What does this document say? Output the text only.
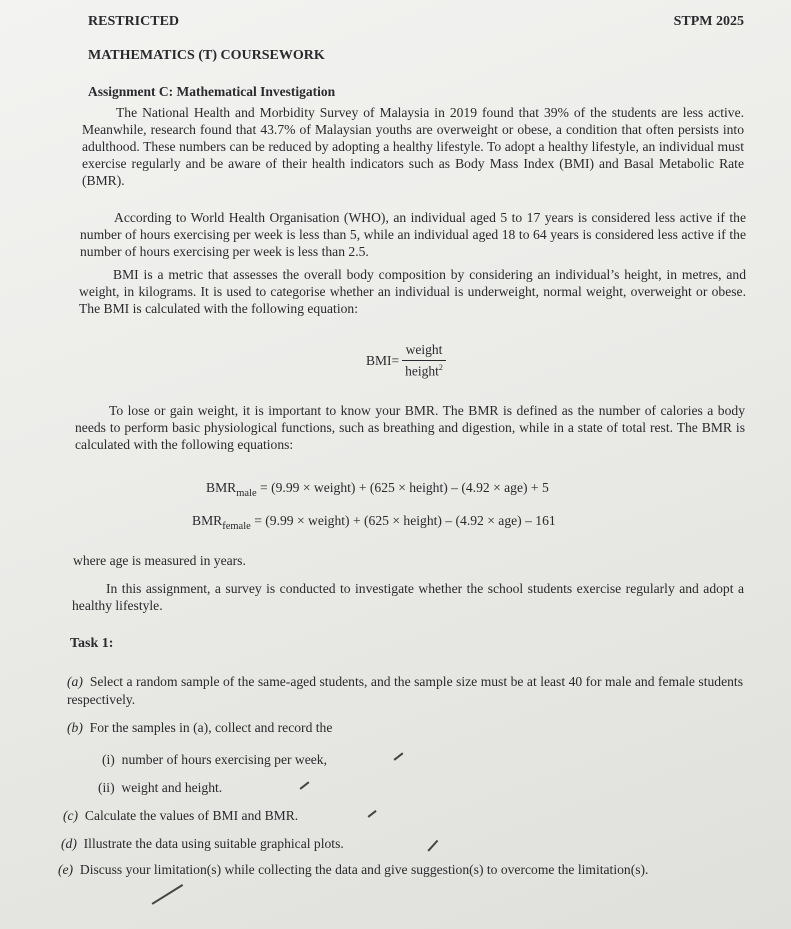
RESTRICTED	STPM 2025
MATHEMATICS (T) COURSEWORK
Assignment C: Mathematical Investigation

The National Health and Morbidity Survey of Malaysia in 2019 found that 39% of the students are less active. Meanwhile, research found that 43.7% of Malaysian youths are overweight or obese, a condition that often persists into adulthood. These numbers can be reduced by adopting a healthy lifestyle. To adopt a healthy lifestyle, an individual must exercise regularly and be aware of their health indicators such as Body Mass Index (BMI) and Basal Metabolic Rate (BMR).

According to World Health Organisation (WHO), an individual aged 5 to 17 years is considered less active if the number of hours exercising per week is less than 5, while an individual aged 18 to 64 years is considered less active if the number of hours exercising per week is less than 2.5.

BMI is a metric that assesses the overall body composition by considering an individual’s height, in metres, and weight, in kilograms. It is used to categorise whether an individual is underweight, normal weight, overweight or obese. The BMI is calculated with the following equation:

$BMI= \frac{\text{weight}}{height^2}$

To lose or gain weight, it is important to know your BMR. The BMR is defined as the number of calories a body needs to perform basic physiological functions, such as breathing and digestion, while in a state of total rest. The BMR is calculated with the following equations:

$BMR_{male} = (9.99$ × weight) + (625 × height) – (4.92 × age) + 5
$BMR_{female} = (9.99$ × weight) + (625 × height) – (4.92 × age) – 161

where age is measured in years.

In this assignment, a survey is conducted to investigate whether the school students exercise regularly and adopt a healthy lifestyle.

Task 1:

(a) Select a random sample of the same-aged students, and the sample size must be at least 40 for male and female students respectively.

(b) For the samples in (a), collect and record the

(i) number of hours exercising per week,

(ii) weight and height.

(c) Calculate the values of BMI and BMR.

(d) Illustrate the data using suitable graphical plots.

(e) Discuss your limitation(s) while collecting the data and give suggestion(s) to overcome the limitation(s).
